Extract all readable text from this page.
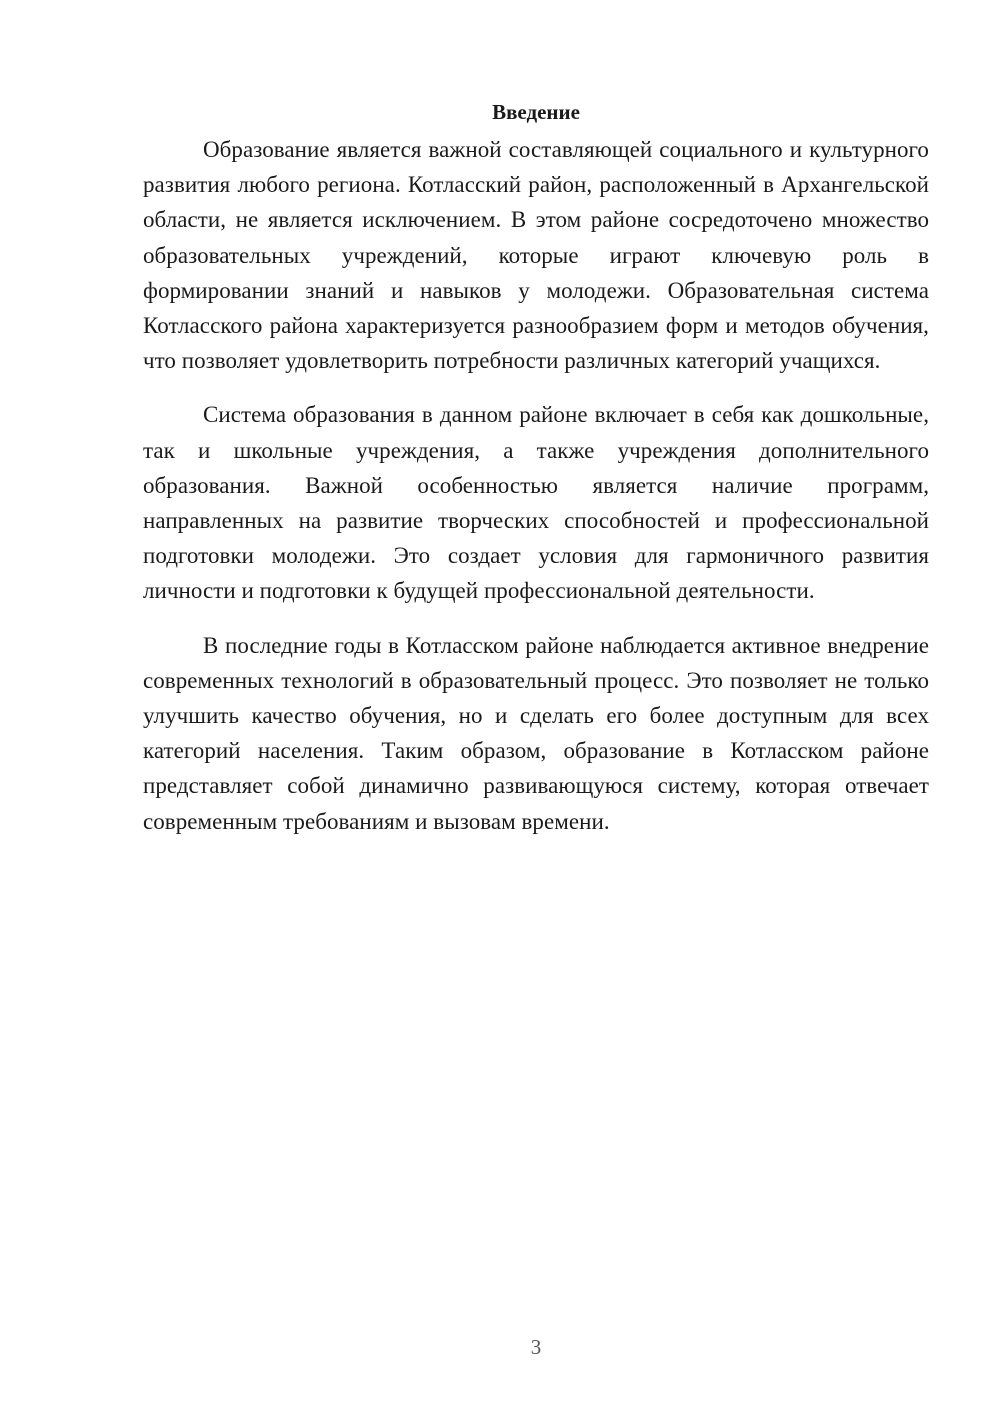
Введение

Образование является важной составляющей социального и культурного развития любого региона. Котласский район, расположенный в Архангельской области, не является исключением. В этом районе сосредоточено множество образовательных учреждений, которые играют ключевую роль в формировании знаний и навыков у молодежи. Образовательная система Котласского района характеризуется разнообразием форм и методов обучения, что позволяет удовлетворить потребности различных категорий учащихся.

Система образования в данном районе включает в себя как дошкольные, так и школьные учреждения, а также учреждения дополнительного образования. Важной особенностью является наличие программ, направленных на развитие творческих способностей и профессиональной подготовки молодежи. Это создает условия для гармоничного развития личности и подготовки к будущей профессиональной деятельности.

В последние годы в Котласском районе наблюдается активное внедрение современных технологий в образовательный процесс. Это позволяет не только улучшить качество обучения, но и сделать его более доступным для всех категорий населения. Таким образом, образование в Котласском районе представляет собой динамично развивающуюся систему, которая отвечает современным требованиям и вызовам времени.

3
